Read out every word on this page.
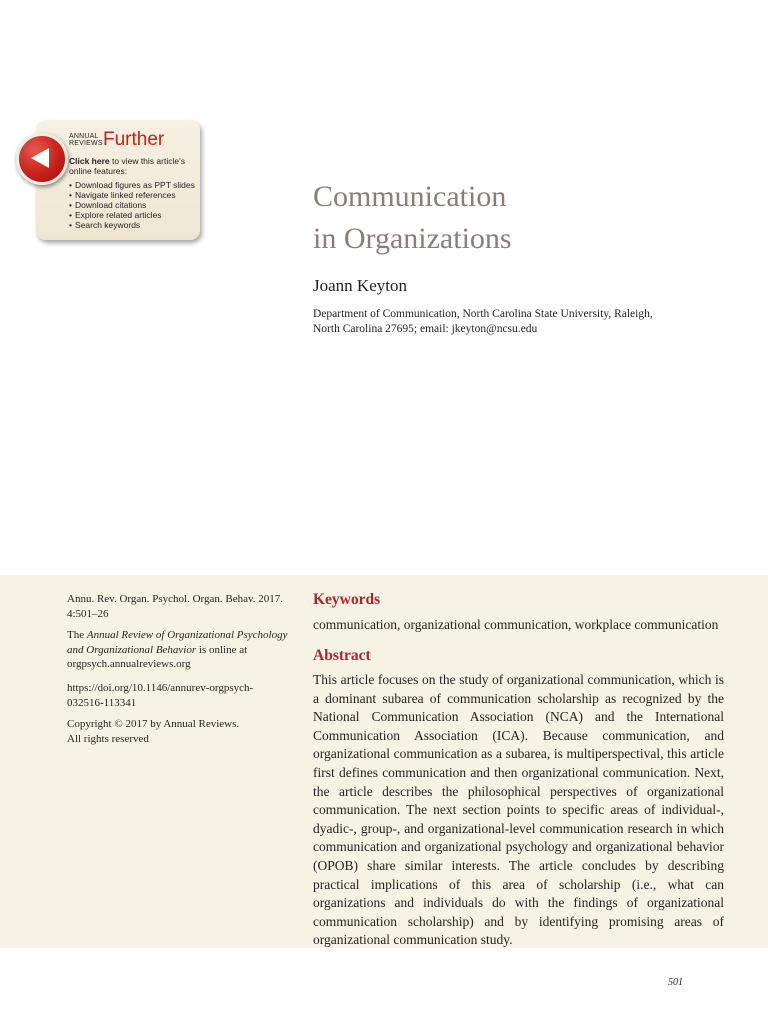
ANNUAL
REVIEWS Further
Click here to view this article's online features:
• Download figures as PPT slides
• Navigate linked references
• Download citations
• Explore related articles
• Search keywords
Communication
in Organizations
Joann Keyton
Department of Communication, North Carolina State University, Raleigh, North Carolina 27695; email: jkeyton@ncsu.edu
Annu. Rev. Organ. Psychol. Organ. Behav. 2017. 4:501–26
The Annual Review of Organizational Psychology and Organizational Behavior is online at orgpsych.annualreviews.org
https://doi.org/10.1146/annurev-orgpsych-032516-113341
Copyright © 2017 by Annual Reviews.
All rights reserved
Keywords
communication, organizational communication, workplace communication
Abstract

This article focuses on the study of organizational communication, which is a dominant subarea of communication scholarship as recognized by the National Communication Association (NCA) and the International Communication Association (ICA). Because communication, and organizational communication as a subarea, is multiperspectival, this article first defines communication and then organizational communication. Next, the article describes the philosophical perspectives of organizational communication. The next section points to specific areas of individual-, dyadic-, group-, and organizational-level communication research in which communication and organizational psychology and organizational behavior (OPOB) share similar interests. The article concludes by describing practical implications of this area of scholarship (i.e., what can organizations and individuals do with the findings of organizational communication scholarship) and by identifying promising areas of organizational communication study.

501
